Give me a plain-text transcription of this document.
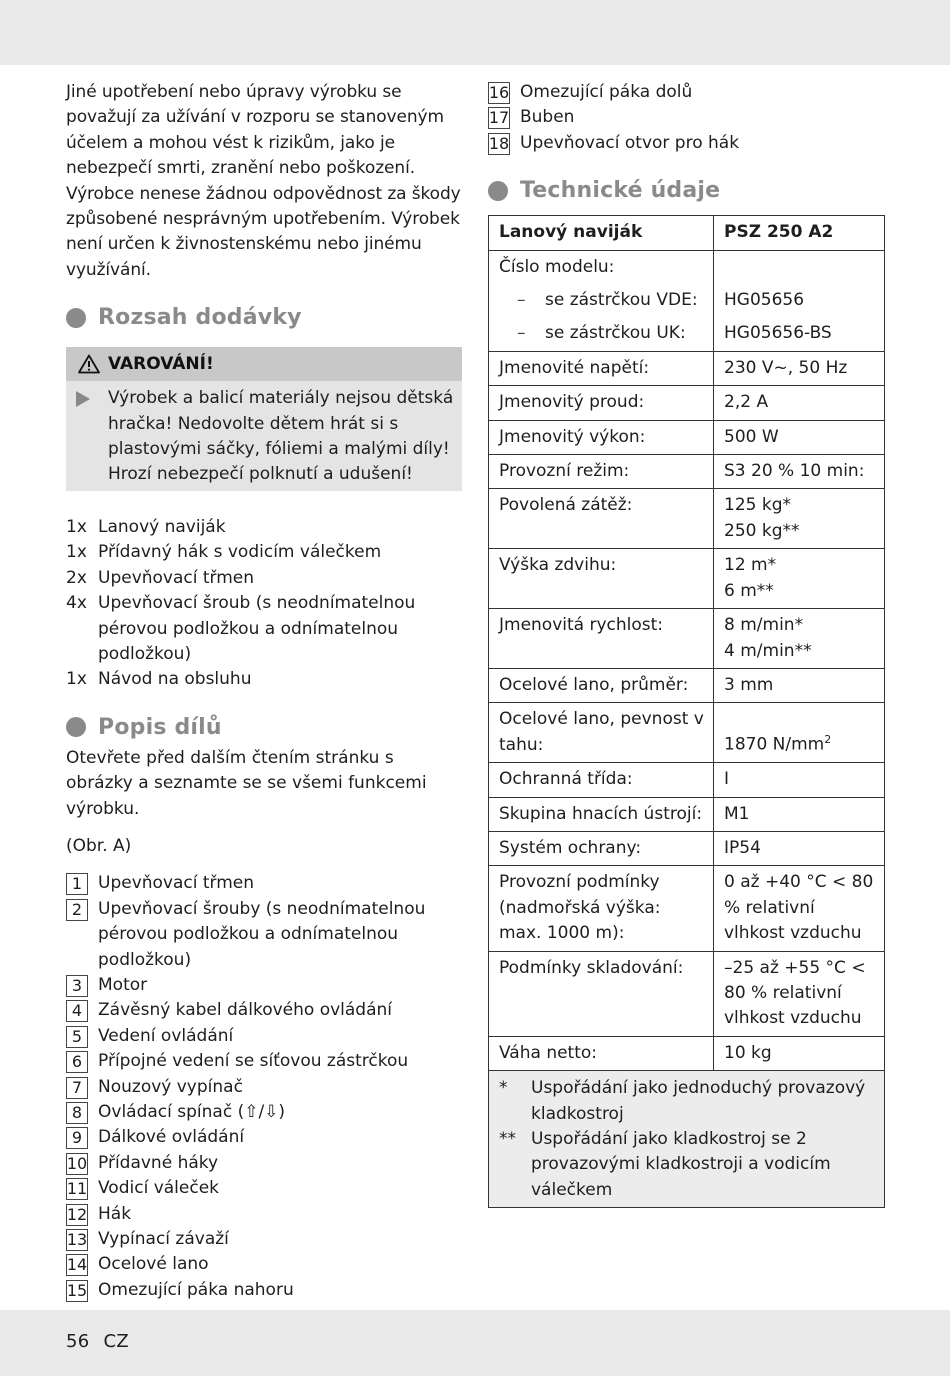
Jiné upotřebení nebo úpravy výrobku se považují za užívání v rozporu se stanoveným účelem a mohou vést k rizikům, jako je nebezpečí smrti, zranění nebo poškození. Výrobce nenese žádnou odpovědnost za škody způsobené nesprávným upotřebením. Výrobek není určen k živnostenskému nebo jinému využívání.

Rozsah dodávky
VAROVÁNÍ!

Výrobek a balicí materiály nejsou dětská hračka! Nedovolte dětem hrát si s plastovými sáčky, fóliemi a malými díly! Hrozí nebezpečí polknutí a udušení!

1x Lanový naviják
1x Přídavný hák s vodicím válečkem
2x Upevňovací třmen
4x Upevňovací šroub (s neodnímatelnou pérovou podložkou a odnímatelnou podložkou)
1x Návod na obsluhu
Popis dílů

Otevřete před dalším čtením stránku s obrázky a seznamte se se všemi funkcemi výrobku.

(Obr. A)

1 Upevňovací třmen
2 Upevňovací šrouby (s neodnímatelnou pérovou podložkou a odnímatelnou podložkou)
3 Motor
4 Závěsný kabel dálkového ovládání
5 Vedení ovládání
6 Přípojné vedení se síťovou zástrčkou
7 Nouzový vypínač
8 Ovládací spínač (⇧/⇩)
9 Dálkové ovládání
10 Přídavné háky
11 Vodicí váleček
12 Hák
13 Vypínací závaží
14 Ocelové lano
15 Omezující páka nahoru
16 Omezující páka dolů
17 Buben
18 Upevňovací otvor pro hák
Technické údaje
Lanový naviják	PSZ 250 A2
Číslo modelu:	
– se zástrčkou VDE:	HG05656
– se zástrčkou UK:	HG05656-BS
Jmenovité napětí:	230 V~, 50 Hz
Jmenovitý proud:	2,2 A
Jmenovitý výkon:	500 W
Provozní režim:	S3 20 % 10 min:
Povolená zátěž:	125 kg*
250 kg**

Výška zdvihu:	12 m*
6 m**

Jmenovitá rychlost:	8 m/min*
4 m/min**

Ocelové lano, průměr:	3 mm
Ocelové lano, pevnost v tahu:	1870 $N/mm^2$
Ochranná třída:	I
Skupina hnacích ústrojí:	M1
Systém ochrany:	IP54
Provozní podmínky (nadmořská výška: max. 1000 m):	0 až +40 °C < 80 % relativní vlhkost vzduchu
Podmínky skladování:	–25 až +55 °C < 80 % relativní vlhkost vzduchu
Váha netto:	10 kg
*	Uspořádání jako jednoduchý provazový kladkostroj
** Uspořádání jako kladkostroj se 2 provazovými kladkostroji a vodicím válečkem
56 CZ
